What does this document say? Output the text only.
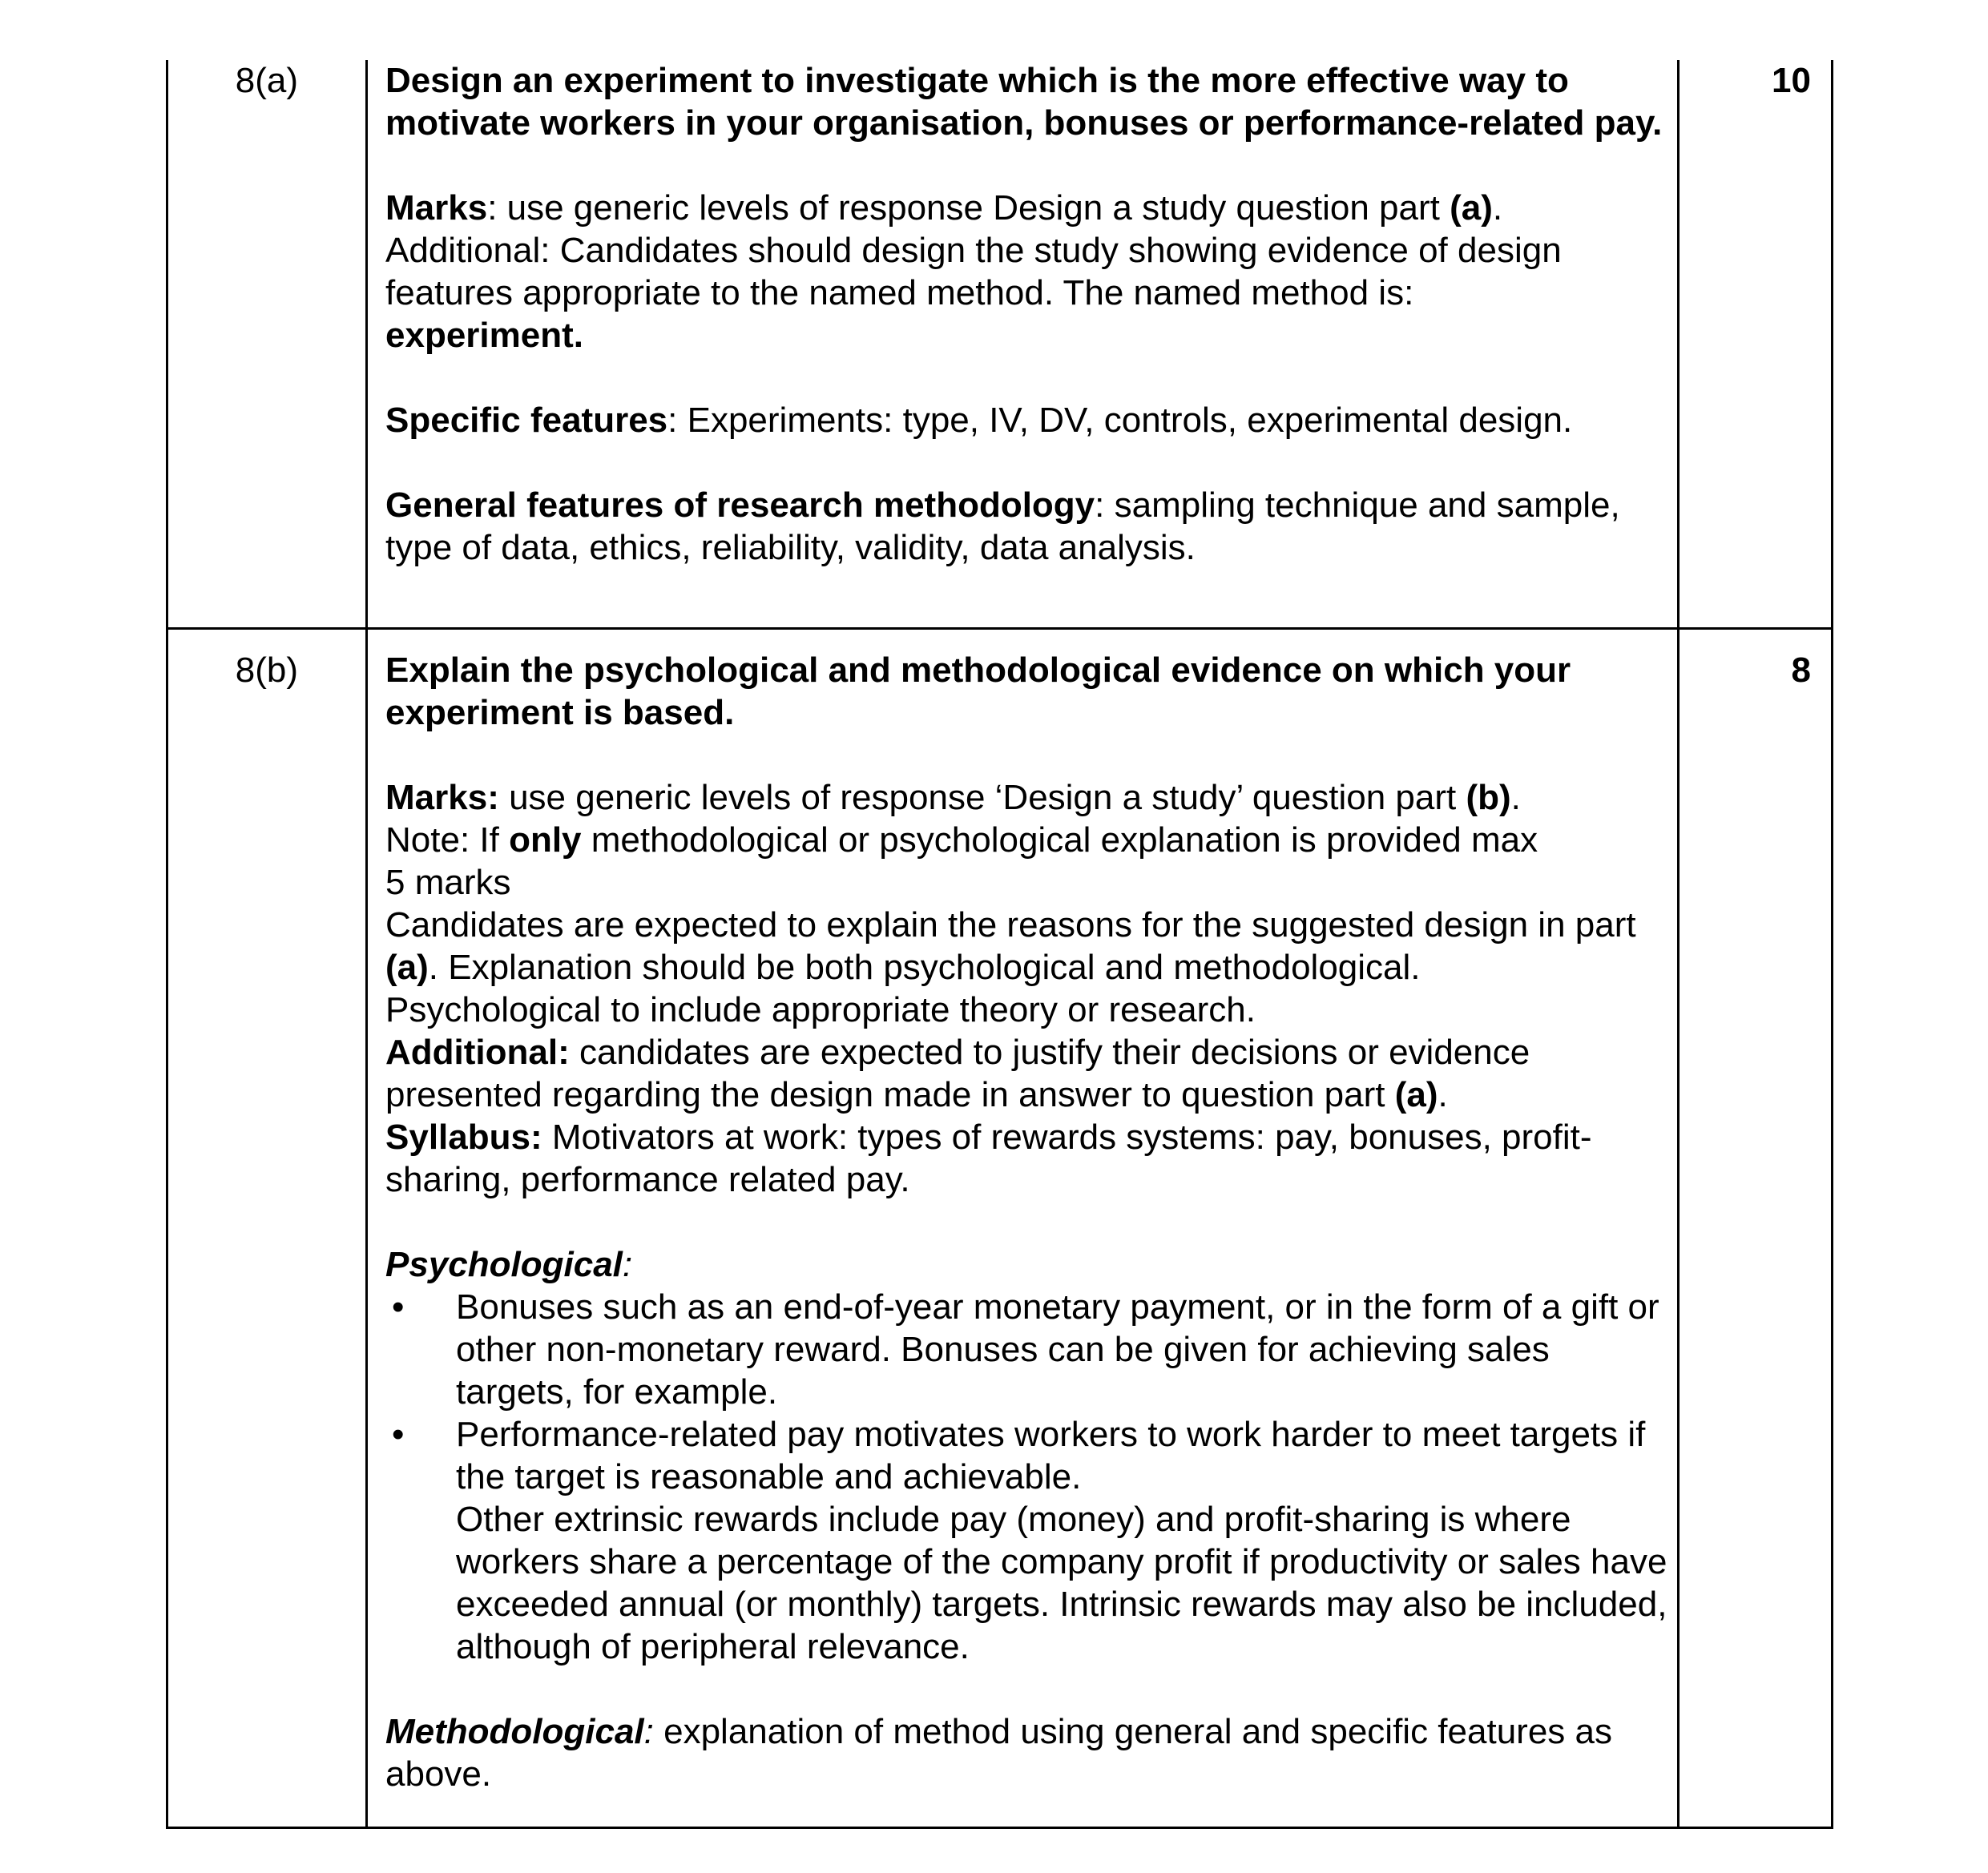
8(a)	10

Design an experiment to investigate which is the more effective way to motivate workers in your organisation, bonuses or performance-related pay.

Marks: use generic levels of response Design a study question part (a).

Additional: Candidates should design the study showing evidence of design features appropriate to the named method. The named method is:

experiment.

Specific features: Experiments: type, IV, DV, controls, experimental design.

General features of research methodology: sampling technique and sample, type of data, ethics, reliability, validity, data analysis.

8(b)	8

Explain the psychological and methodological evidence on which your experiment is based.

Marks: use generic levels of response ‘Design a study’ question part (b).

Note: If only methodological or psychological explanation is provided max

5 marks

Candidates are expected to explain the reasons for the suggested design in part (a). Explanation should be both psychological and methodological.

Psychological to include appropriate theory or research.

Additional: candidates are expected to justify their decisions or evidence presented regarding the design made in answer to question part (a).

Syllabus: Motivators at work: types of rewards systems: pay, bonuses, profit-sharing, performance related pay.

Psychological:

• Bonuses such as an end-of-year monetary payment, or in the form of a gift or other non-monetary reward. Bonuses can be given for achieving sales targets, for example.
• Performance-related pay motivates workers to work harder to meet targets if the target is reasonable and achievable.
Other extrinsic rewards include pay (money) and profit-sharing is where workers share a percentage of the company profit if productivity or sales have exceeded annual (or monthly) targets. Intrinsic rewards may also be included, although of peripheral relevance.

Methodological: explanation of method using general and specific features as above.
